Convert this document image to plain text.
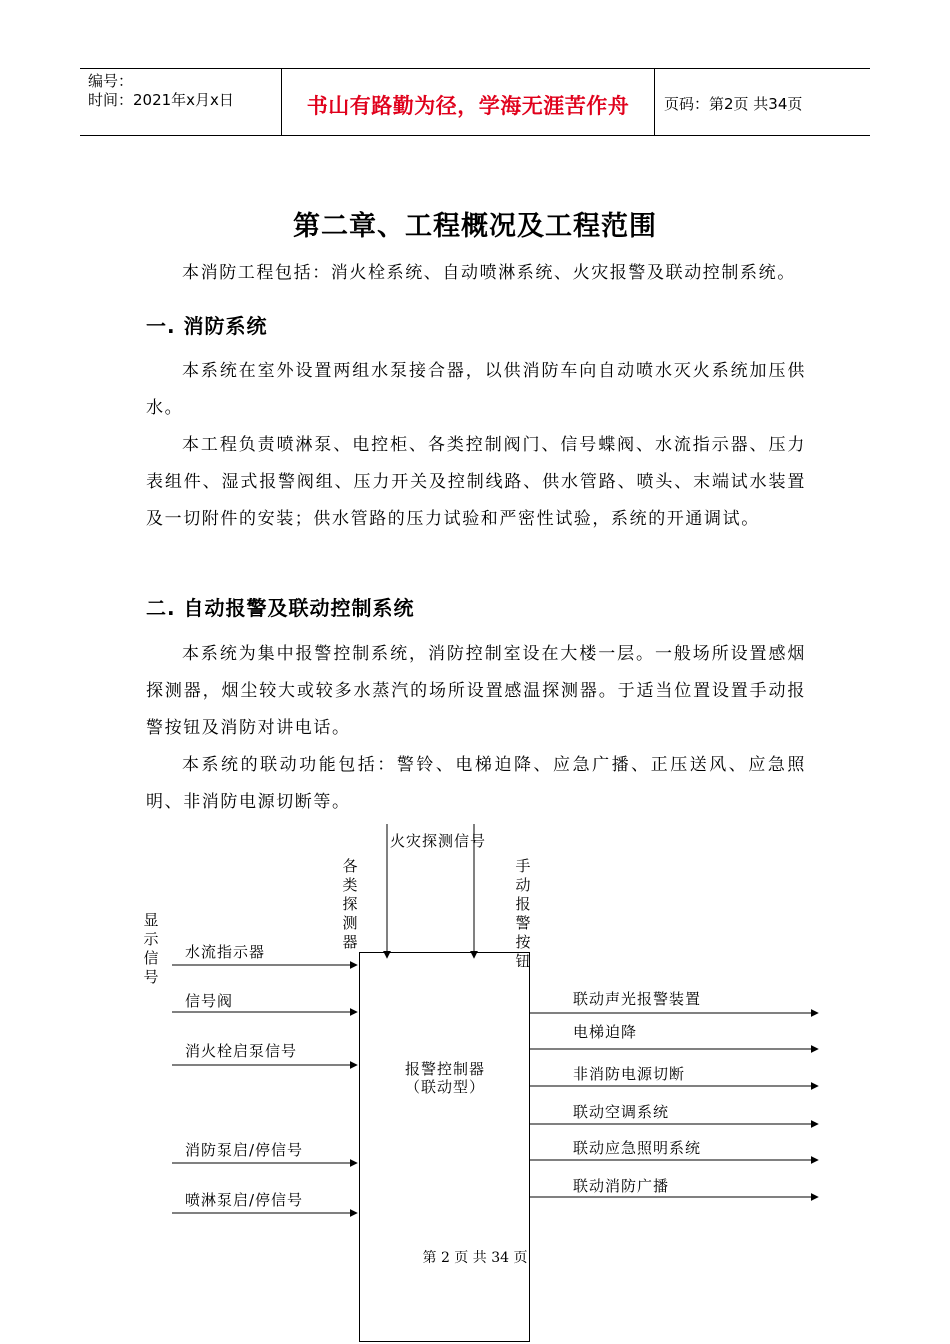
编号：
时间：2021年x月x日	书山有路勤为径，学海无涯苦作舟	页码：第2页 共34页
第二章、工程概况及工程范围
本消防工程包括：消火栓系统、自动喷淋系统、火灾报警及联动控制系统。
一. 消防系统
本系统在室外设置两组水泵接合器，以供消防车向自动喷水灭火系统加压供水。
本工程负责喷淋泵、电控柜、各类控制阀门、信号蝶阀、水流指示器、压力表组件、湿式报警阀组、压力开关及控制线路、供水管路、喷头、末端试水装置及一切附件的安装；供水管路的压力试验和严密性试验，系统的开通调试。
二. 自动报警及联动控制系统
本系统为集中报警控制系统，消防控制室设在大楼一层。一般场所设置感烟探测器，烟尘较大或较多水蒸汽的场所设置感温探测器。于适当位置设置手动报警按钮及消防对讲电话。
本系统的联动功能包括：警铃、电梯迫降、应急广播、正压送风、应急照明、非消防电源切断等。
火灾探测信号
各类探测器
手动报警按钮
显示信号
报警控制器
（联动型）
水流指示器
信号阀
消火栓启泵信号
消防泵启/停信号
喷淋泵启/停信号
联动声光报警装置
电梯迫降
非消防电源切断
联动空调系统
联动应急照明系统
联动消防广播
第 2 页 共 34 页
